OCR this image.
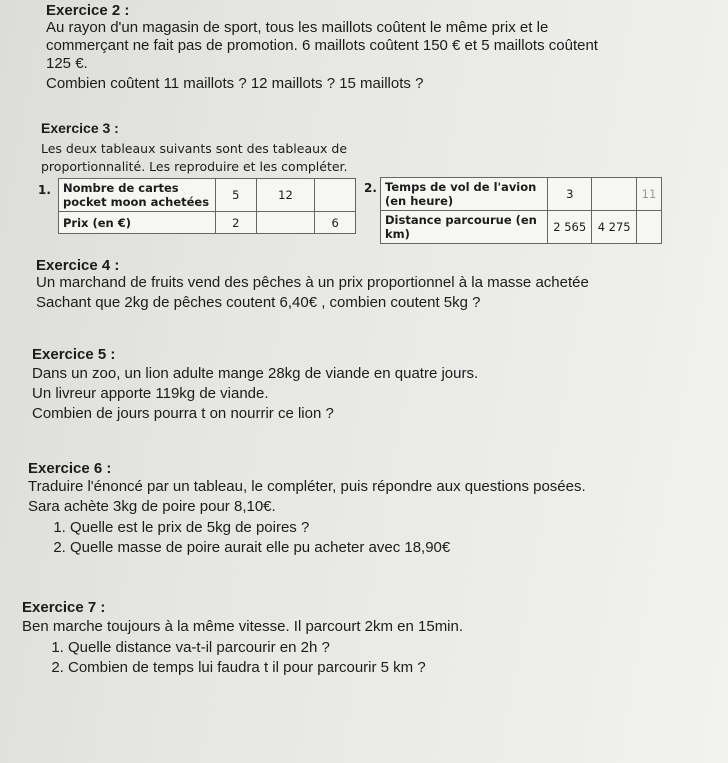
Exercice 2 :

Au rayon d'un magasin de sport, tous les maillots coûtent le même prix et le

commerçant ne fait pas de promotion. 6 maillots coûtent 150 € et 5 maillots coûtent

125 €.

Combien coûtent 11 maillots ? 12 maillots ? 15 maillots ?

Exercice 3 :

Les deux tableaux suivants sont des tableaux de

proportionnalité. Les reproduire et les compléter.

1. Nombre de cartes pocket moon achetées	5	12	
Prix (en €)	2		6
2. Temps de vol de l'avion (en heure)	3		11
Distance parcourue (en km)	2 565	4 275	

Exercice 4 :

Un marchand de fruits vend des pêches à un prix proportionnel à la masse achetée

Sachant que 2kg de pêches coutent 6,40€ , combien coutent 5kg ?

Exercice 5 :

Dans un zoo, un lion adulte mange 28kg de viande en quatre jours.

Un livreur apporte 119kg de viande.

Combien de jours pourra t on nourrir ce lion ?

Exercice 6 :

Traduire l'énoncé par un tableau, le compléter, puis répondre aux questions posées.

Sara achète 3kg de poire pour 8,10€.

1. Quelle est le prix de 5kg de poires ?
2. Quelle masse de poire aurait elle pu acheter avec 18,90€

Exercice 7 :

Ben marche toujours à la même vitesse. Il parcourt 2km en 15min.

1. Quelle distance va-t-il parcourir en 2h ?
2. Combien de temps lui faudra t il pour parcourir 5 km ?
